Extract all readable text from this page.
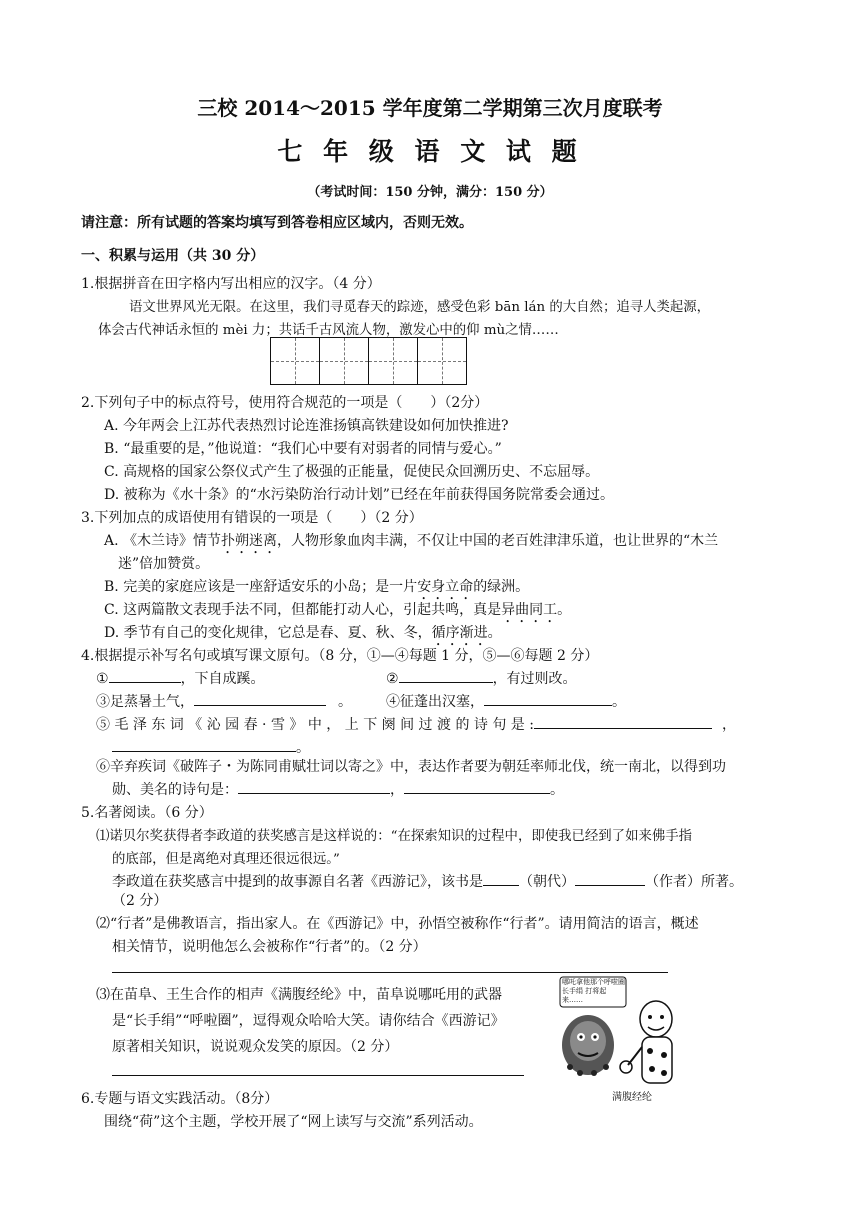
三校 2014～2015 学年度第二学期第三次月度联考
七 年 级 语 文 试 题
（考试时间：150 分钟，满分：150 分）
请注意：所有试题的答案均填写到答卷相应区域内，否则无效。
一、积累与运用（共 30 分）
1.根据拼音在田字格内写出相应的汉字。（4 分）
语文世界风光无限。在这里，我们寻觅春天的踪迹，感受色彩 bān lán 的大自然；追寻人类起源，
体会古代神话永恒的 mèi 力；共话千古风流人物，激发心中的仰 mù之情……
2.下列句子中的标点符号，使用符合规范的一项是（　　）（2分）
A. 今年两会上江苏代表热烈讨论连淮扬镇高铁建设如何加快推进?
B. “最重要的是，”他说道：“我们心中要有对弱者的同情与爱心。”
C. 高规格的国家公祭仪式产生了极强的正能量，促使民众回溯历史、不忘屈辱。
D. 被称为《水十条》的“水污染防治行动计划”已经在年前获得国务院常委会通过。
3.下列加点的成语使用有错误的一项是（　　）（2 分）
A. 《木兰诗》情节扑朔迷离，人物形象血肉丰满，不仅让中国的老百姓津津乐道，也让世界的“木兰
迷”倍加赞赏。
B. 完美的家庭应该是一座舒适安乐的小岛；是一片安身立命的绿洲。
C. 这两篇散文表现手法不同，但都能打动人心，引起共鸣，真是异曲同工。
D. 季节有自己的变化规律，它总是春、夏、秋、冬，循序渐进。
4.根据提示补写名句或填写课文原句。（8 分，①—④每题 1 分，⑤—⑥每题 2 分）
①	，下自成蹊。	②	，有过则改。
③足蒸暑土气，	。 ④征蓬出汉塞，	。
⑤ 毛 泽 东 词 《 沁 园 春 · 雪 》 中 ， 上 下 阕 间 过 渡 的 诗 句 是 :	，
。
⑥辛弃疾词《破阵子・为陈同甫赋壮词以寄之》中，表达作者要为朝廷率师北伐，统一南北，以得到功
勋、美名的诗句是：	，	。
5.名著阅读。（6 分）
⑴诺贝尔奖获得者李政道的获奖感言是这样说的：“在探索知识的过程中，即使我已经到了如来佛手指
的底部，但是离绝对真理还很远很远。”
李政道在获奖感言中提到的故事源自名著《西游记》，该书是	（朝代）	（作者）所著。
（2 分）
⑵“行者”是佛教语言，指出家人。在《西游记》中，孙悟空被称作“行者”。请用简洁的语言，概述
相关情节，说明他怎么会被称作“行者”的。（2 分）
⑶在苗阜、王生合作的相声《满腹经纶》中，苗阜说哪吒用的武器
是“长手绢”“呼啦圈”，逗得观众哈哈大笑。请你结合《西游记》
原著相关知识，说说观众发笑的原因。（2 分）
哪吒拿他那个呼啦圈 长手绢 打将起来……
满腹经纶
6.专题与语文实践活动。（8分）
围绕“荷”这个主题，学校开展了“网上读写与交流”系列活动。
